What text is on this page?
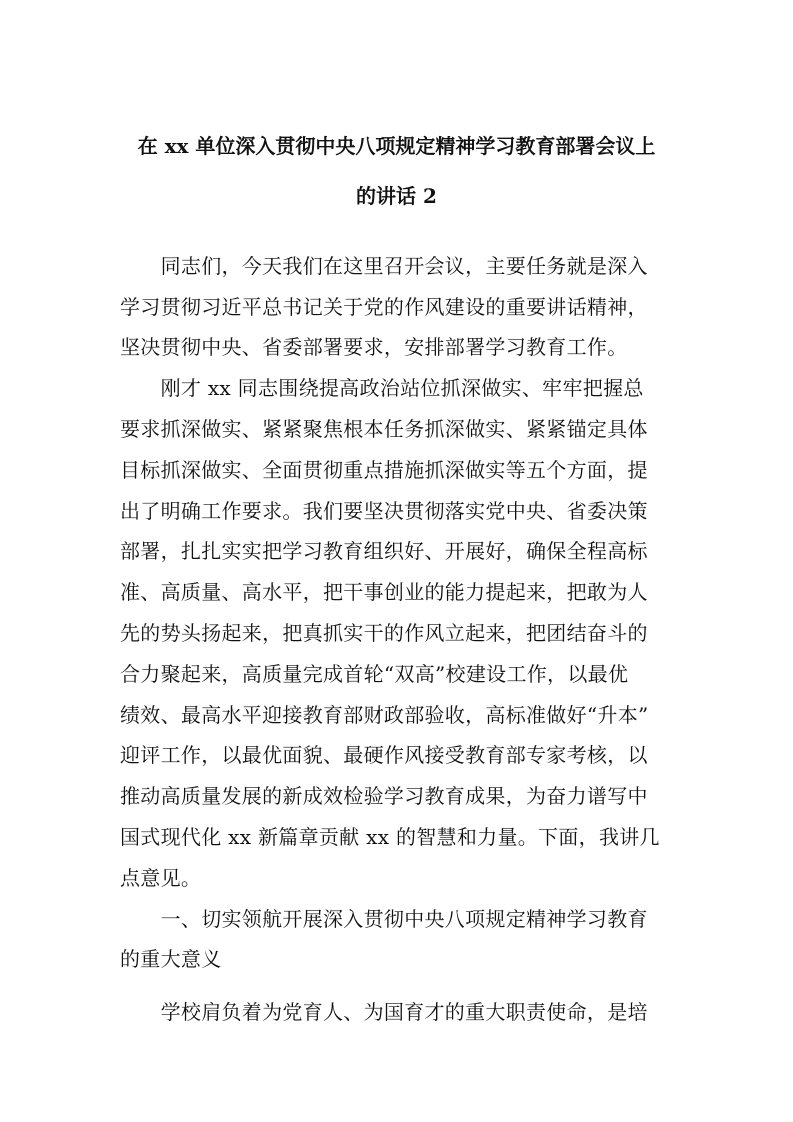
在 xx 单位深入贯彻中央八项规定精神学习教育部署会议上
的讲话 2

　　同志们，今天我们在这里召开会议，主要任务就是深入

学习贯彻习近平总书记关于党的作风建设的重要讲话精神，

坚决贯彻中央、省委部署要求，安排部署学习教育工作。

　　刚才 xx 同志围绕提高政治站位抓深做实、牢牢把握总

要求抓深做实、紧紧聚焦根本任务抓深做实、紧紧锚定具体

目标抓深做实、全面贯彻重点措施抓深做实等五个方面，提

出了明确工作要求。我们要坚决贯彻落实党中央、省委决策

部署，扎扎实实把学习教育组织好、开展好，确保全程高标

准、高质量、高水平，把干事创业的能力提起来，把敢为人

先的势头扬起来，把真抓实干的作风立起来，把团结奋斗的

合力聚起来，高质量完成首轮“双高”校建设工作，以最优

绩效、最高水平迎接教育部财政部验收，高标准做好“升本”

迎评工作，以最优面貌、最硬作风接受教育部专家考核，以

推动高质量发展的新成效检验学习教育成果，为奋力谱写中

国式现代化 xx 新篇章贡献 xx 的智慧和力量。下面，我讲几

点意见。

　　一、切实领航开展深入贯彻中央八项规定精神学习教育

的重大意义

　　学校肩负着为党育人、为国育才的重大职责使命，是培
